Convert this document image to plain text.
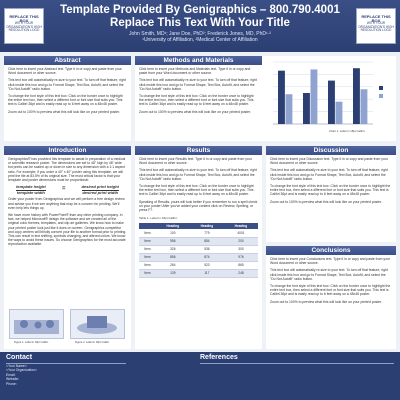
REPLACE THIS BOX
WITH YOUR ORGANIZATION'S HIGH RESOLUTION LOGO
Template Provided By Genigraphics – 800.790.4001
Replace This Text With Your Title
John Smith, MD¹; Jane Doe, PhD²; Frederick Jones, MD, PhD¹·²
¹University of Affiliation, ²Medical Center of Affiliation
REPLACE THIS BOX
WITH YOUR ORGANIZATION'S HIGH RESOLUTION LOGO
Abstract

Click here to insert your Abstract text. Type it in or copy and paste from your Word document or other source.

This text box will automatically re-size to your text. To turn off that feature, right click inside this box and go to Format Shape, Text Box, Autofit, and select the "Do Not Autofit" radio button.

To change the font style of this text box: Click on the border once to highlight the entire text box, then select a different font or font size that suits you. This text is Calibri 36pt and is easily read up to 6 feet away on a 48x48 poster.

Zoom out to 100% to preview what this will look like on your printed poster.

Methods and Materials

Click here to insert your Methods and Materials text. Type it in or copy and paste from your Word document or other source.

This text box will automatically re-size to your text. To turn off that feature, right click inside this box and go to Format Shape, Text Box, Autofit, and select the "Do Not Autofit" radio button.

To change the font style of this text box: Click on the border once to highlight the entire text box, then select a different font or font size that suits you. This text is Calibri 36pt and is easily read up to 6 feet away on a 48x48 poster.

Zoom out to 100% to preview what this will look like on your printed poster.

Chart 1: Label in 18pt Calibri.
Introduction

Genigraphics® has provided this template to assist in preparation of a medical or scientific research poster. The dimensions are set to 48" high by 48" wide but prints can be scaled up or down in size to any dimension with a 1:1 aspect ratio. For example, if you order a 40" x 40" poster using this template, we will print the file at 83.5% of its original size. The most critical factor is that your template and poster dimensions must be proportional:

template height
template width
=	desired print height
desired print width

Order your poster from Genigraphics and we will perform a free design review and advise you if we see anything that may be a concern for printing. We'll even help lets things up.

We have more history with PowerPoint® than any other printing company. In fact, we helped Microsoft® design the software and we created all of the original color themes, templates, and clip art galleries. We know how to make your printed poster look just like it does on screen. Genigraphics competitor and copy centers will blindly convert your file to another format prior to printing. This can result in text shifting, symbols changing, and altered colors. We know the ways to avoid these issues. So choose Genigraphics for the most accurate reproduction available.

Figure 1. Label in 18pt Calibri.	Figure 2. Label in 18pt Calibri.
Results

Click here to insert your Results text. Type it in or copy and paste from your Word document or other source.

This text box will automatically re-size to your text. To turn off that feature, right click inside this box and go to Format Shape, Text Box, Autofit, and select the "Do Not Autofit" radio button.

To change the font style of this text box: Click on the border once to highlight the entire text box, then select a different font or font size that suits you. This text is Calibri 36pt and is easily read up to 6 feet away on a 48x48 poster.

Speaking of Results, yours will look better if you remember to run a spell check on your poster! After you've added your content click on Review, Spelling, or press F7.

Table 1. Label in 18pt Calibri.
	Heading	Heading	Heading
Item	100	779	4001
Item	956	854	200
Item	326	536	300
Item	856	874	976
Item	264	523	865
Item	139	117	248
Discussion

Click here to insert your Discussion text. Type it in or copy and paste from your Word document or other source.

This text box will automatically re-size to your text. To turn off that feature, right click inside this box and go to Format Shape, Text Box, Autofit, and select the "Do Not Autofit" radio button.

To change the font style of this text box: Click on the border once to highlight the entire text box, then select a different font or font size that suits you. This text is Calibri 36pt and is easily read up to 6 feet away on a 48x48 poster.

Zoom out to 100% to preview what this will look like on your printed poster.

Conclusions

Click here to insert your Conclusions text. Type it in or copy and paste from your Word document or other source.

This text box will automatically re-size to your text. To turn off that feature, right click inside this box and go to Format Shape, Text Box, Autofit, and select the "Do Not Autofit" radio button.

To change the font style of this text box: Click on the border once to highlight the entire text box, then select a different font or font size that suits you. This text is Calibri 36pt and is easily read up to 6 feet away on a 48x48 poster.

Zoom out to 100% to preview what this will look like on your printed poster.

Contact
<Your Name>
<Your Organization>
Email:
Website:
Phone:
References
